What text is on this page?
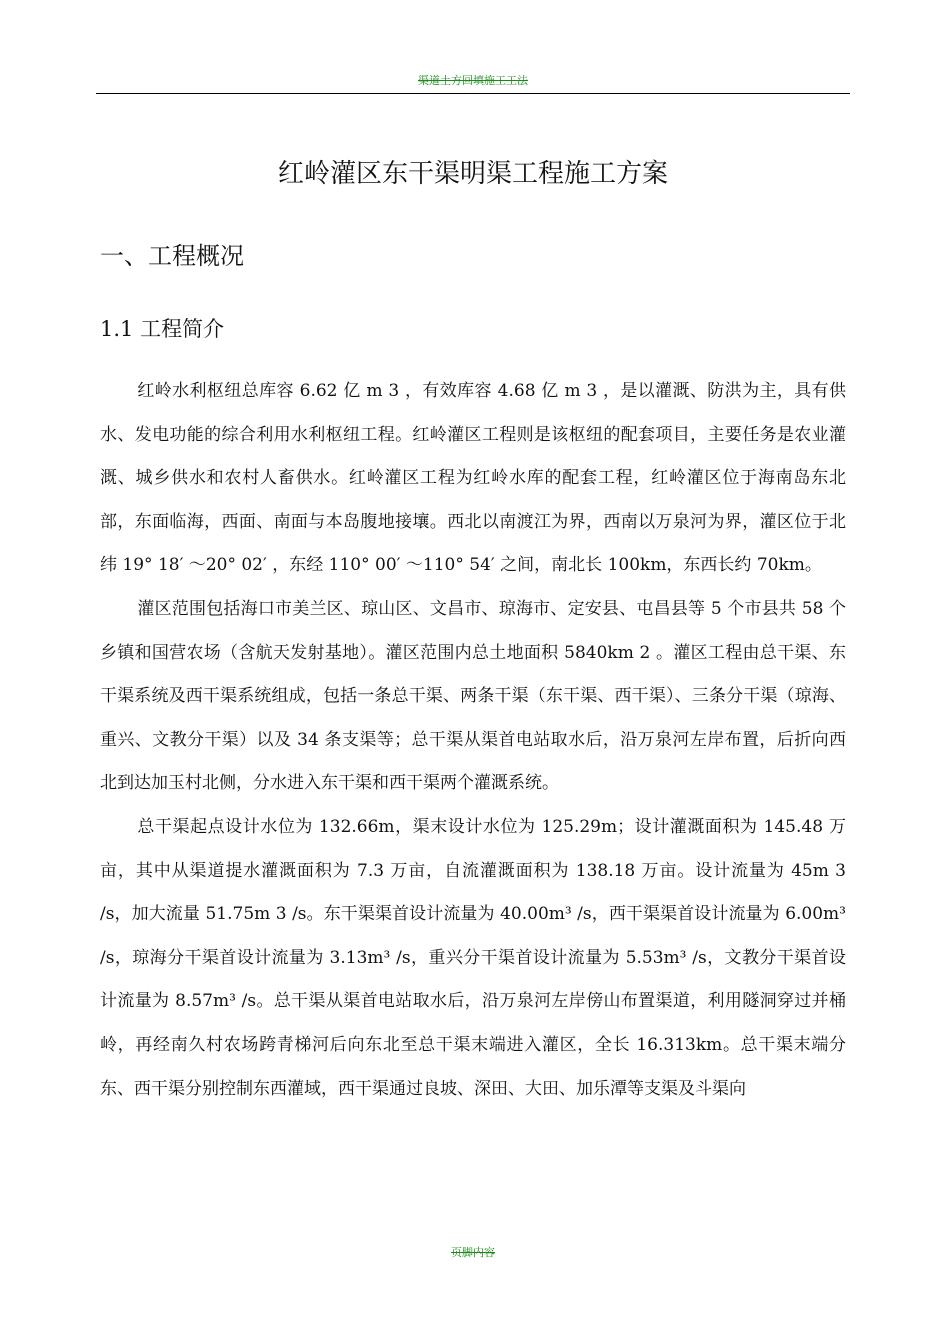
渠道土方回填施工工法
红岭灌区东干渠明渠工程施工方案
一、工程概况
1.1 工程简介

红岭水利枢纽总库容 6.62 亿 m 3 ，有效库容 4.68 亿 m 3 ，是以灌溉、防洪为主，具有供水、发电功能的综合利用水利枢纽工程。红岭灌区工程则是该枢纽的配套项目，主要任务是农业灌溉、城乡供水和农村人畜供水。红岭灌区工程为红岭水库的配套工程，红岭灌区位于海南岛东北部，东面临海，西面、南面与本岛腹地接壤。西北以南渡江为界，西南以万泉河为界，灌区位于北纬 19° 18′ ～20° 02′ ，东经 110° 00′ ～110° 54′ 之间，南北长 100km，东西长约 70km。

灌区范围包括海口市美兰区、琼山区、文昌市、琼海市、定安县、屯昌县等 5 个市县共 58 个乡镇和国营农场（含航天发射基地）。灌区范围内总土地面积 5840km 2 。灌区工程由总干渠、东干渠系统及西干渠系统组成，包括一条总干渠、两条干渠（东干渠、西干渠）、三条分干渠（琼海、重兴、文教分干渠）以及 34 条支渠等；总干渠从渠首电站取水后，沿万泉河左岸布置，后折向西北到达加玉村北侧，分水进入东干渠和西干渠两个灌溉系统。

总干渠起点设计水位为 132.66m，渠末设计水位为 125.29m；设计灌溉面积为 145.48 万亩，其中从渠道提水灌溉面积为 7.3 万亩，自流灌溉面积为 138.18 万亩。设计流量为 45m 3 /s，加大流量 51.75m 3 /s。东干渠渠首设计流量为 40.00m³ /s，西干渠渠首设计流量为 6.00m³ /s，琼海分干渠首设计流量为 3.13m³ /s，重兴分干渠首设计流量为 5.53m³ /s，文教分干渠首设计流量为 8.57m³ /s。总干渠从渠首电站取水后，沿万泉河左岸傍山布置渠道，利用隧洞穿过并桶岭，再经南久村农场跨青梯河后向东北至总干渠末端进入灌区，全长 16.313km。总干渠末端分东、西干渠分别控制东西灌域，西干渠通过良坡、深田、大田、加乐潭等支渠及斗渠向

页脚内容
